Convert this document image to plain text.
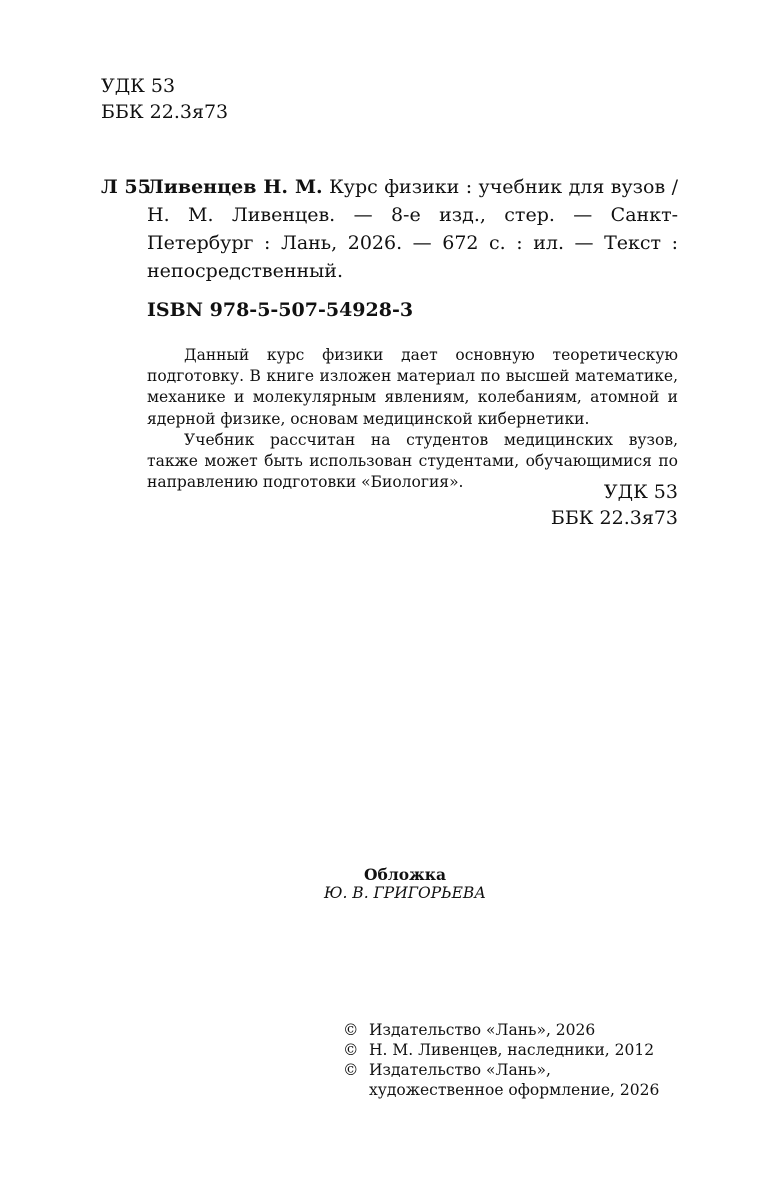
УДК 53
ББК 22.3я73
Л 55
Ливенцев Н. М. Курс физики : учебник для вузов / Н. М. Ливенцев. — 8-е изд., стер. — Санкт-Петербург : Лань, 2026. — 672 с. : ил. — Текст : непосредственный.
ISBN 978-5-507-54928-3

Данный курс физики дает основную теоретическую подготовку. В книге изложен материал по высшей математике, механике и молекулярным явлениям, колебаниям, атомной и ядерной физике, основам медицинской кибернетики.

Учебник рассчитан на студентов медицинских вузов, также может быть использован студентами, обучающимися по направлению подготовки «Биология».	УДК 53
ББК 22.3я73
Обложка
Ю. В. ГРИГОРЬЕВА
© Издательство «Лань», 2026
© Н. М. Ливенцев, наследники, 2012
© Издательство «Лань»,
художественное оформление, 2026
